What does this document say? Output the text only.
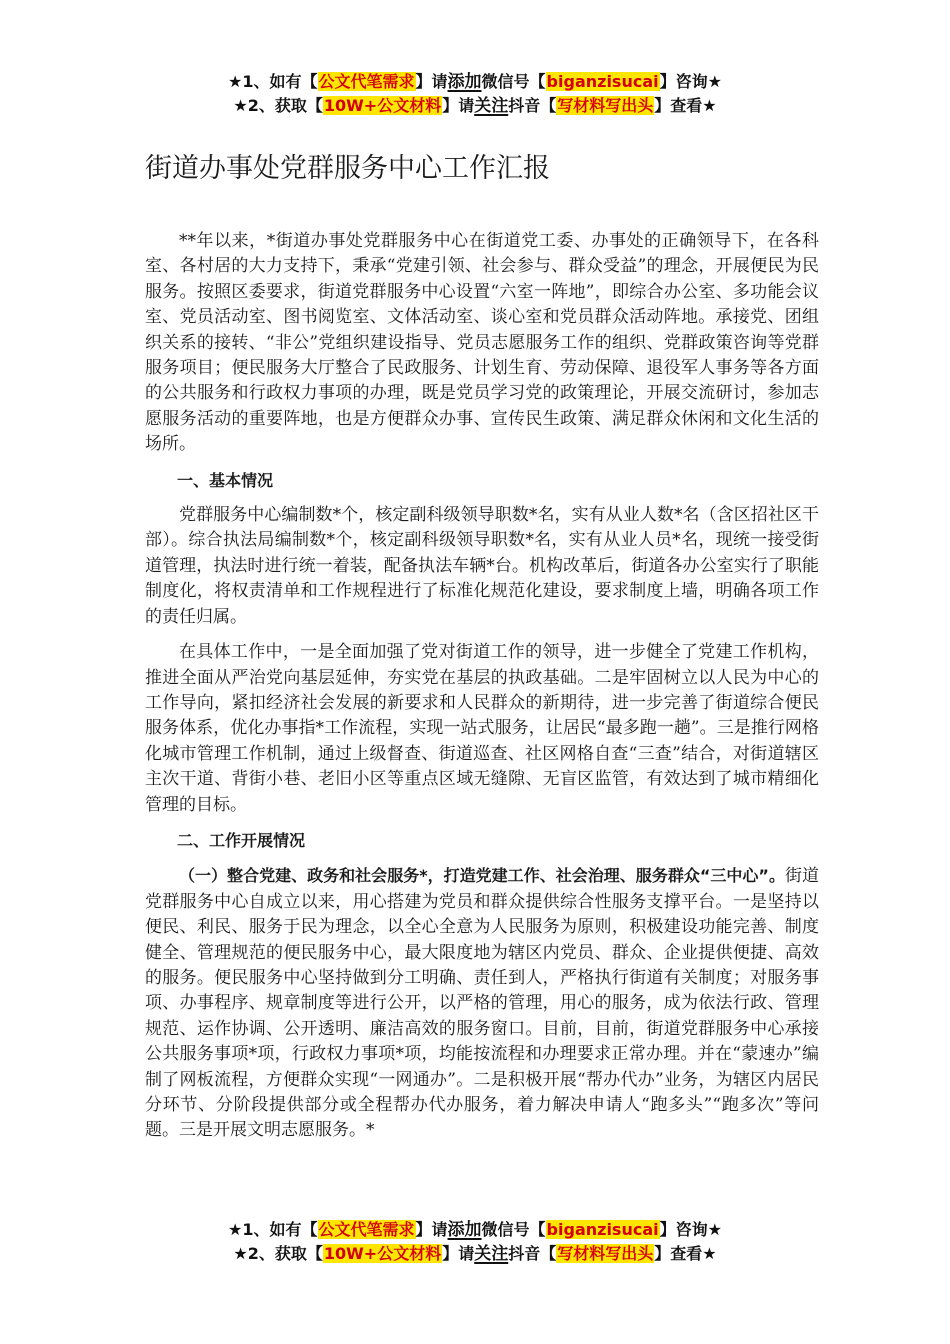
★1、如有【公文代笔需求】请添加微信号【biganzisucai】咨询★
★2、获取【10W+公文材料】请关注抖音【写材料写出头】查看★
街道办事处党群服务中心工作汇报

**年以来，*街道办事处党群服务中心在街道党工委、办事处的正确领导下，在各科室、各村居的大力支持下，秉承“党建引领、社会参与、群众受益”的理念，开展便民为民服务。按照区委要求，街道党群服务中心设置“六室一阵地”，即综合办公室、多功能会议室、党员活动室、图书阅览室、文体活动室、谈心室和党员群众活动阵地。承接党、团组织关系的接转、“非公”党组织建设指导、党员志愿服务工作的组织、党群政策咨询等党群服务项目；便民服务大厅整合了民政服务、计划生育、劳动保障、退役军人事务等各方面的公共服务和行政权力事项的办理，既是党员学习党的政策理论，开展交流研讨，参加志愿服务活动的重要阵地，也是方便群众办事、宣传民生政策、满足群众休闲和文化生活的场所。

一、基本情况

党群服务中心编制数*个，核定副科级领导职数*名，实有从业人数*名（含区招社区干部）。综合执法局编制数*个，核定副科级领导职数*名，实有从业人员*名，现统一接受街道管理，执法时进行统一着装，配备执法车辆*台。机构改革后，街道各办公室实行了职能制度化，将权责清单和工作规程进行了标准化规范化建设，要求制度上墙，明确各项工作的责任归属。

在具体工作中，一是全面加强了党对街道工作的领导，进一步健全了党建工作机构，推进全面从严治党向基层延伸，夯实党在基层的执政基础。二是牢固树立以人民为中心的工作导向，紧扣经济社会发展的新要求和人民群众的新期待，进一步完善了街道综合便民服务体系，优化办事指*工作流程，实现一站式服务，让居民“最多跑一趟”。三是推行网格化城市管理工作机制，通过上级督查、街道巡查、社区网格自查“三查”结合，对街道辖区主次干道、背街小巷、老旧小区等重点区域无缝隙、无盲区监管，有效达到了城市精细化管理的目标。

二、工作开展情况

（一）整合党建、政务和社会服务*，打造党建工作、社会治理、服务群众“三中心”。街道党群服务中心自成立以来，用心搭建为党员和群众提供综合性服务支撑平台。一是坚持以便民、利民、服务于民为理念，以全心全意为人民服务为原则，积极建设功能完善、制度健全、管理规范的便民服务中心，最大限度地为辖区内党员、群众、企业提供便捷、高效的服务。便民服务中心坚持做到分工明确、责任到人，严格执行街道有关制度；对服务事项、办事程序、规章制度等进行公开，以严格的管理，用心的服务，成为依法行政、管理规范、运作协调、公开透明、廉洁高效的服务窗口。目前，目前，街道党群服务中心承接公共服务事项*项，行政权力事项*项，均能按流程和办理要求正常办理。并在“蒙速办”编制了网板流程，方便群众实现“一网通办”。二是积极开展“帮办代办”业务，为辖区内居民分环节、分阶段提供部分或全程帮办代办服务，着力解决申请人“跑多头”“跑多次”等问题。三是开展文明志愿服务。*

★1、如有【公文代笔需求】请添加微信号【biganzisucai】咨询★
★2、获取【10W+公文材料】请关注抖音【写材料写出头】查看★
